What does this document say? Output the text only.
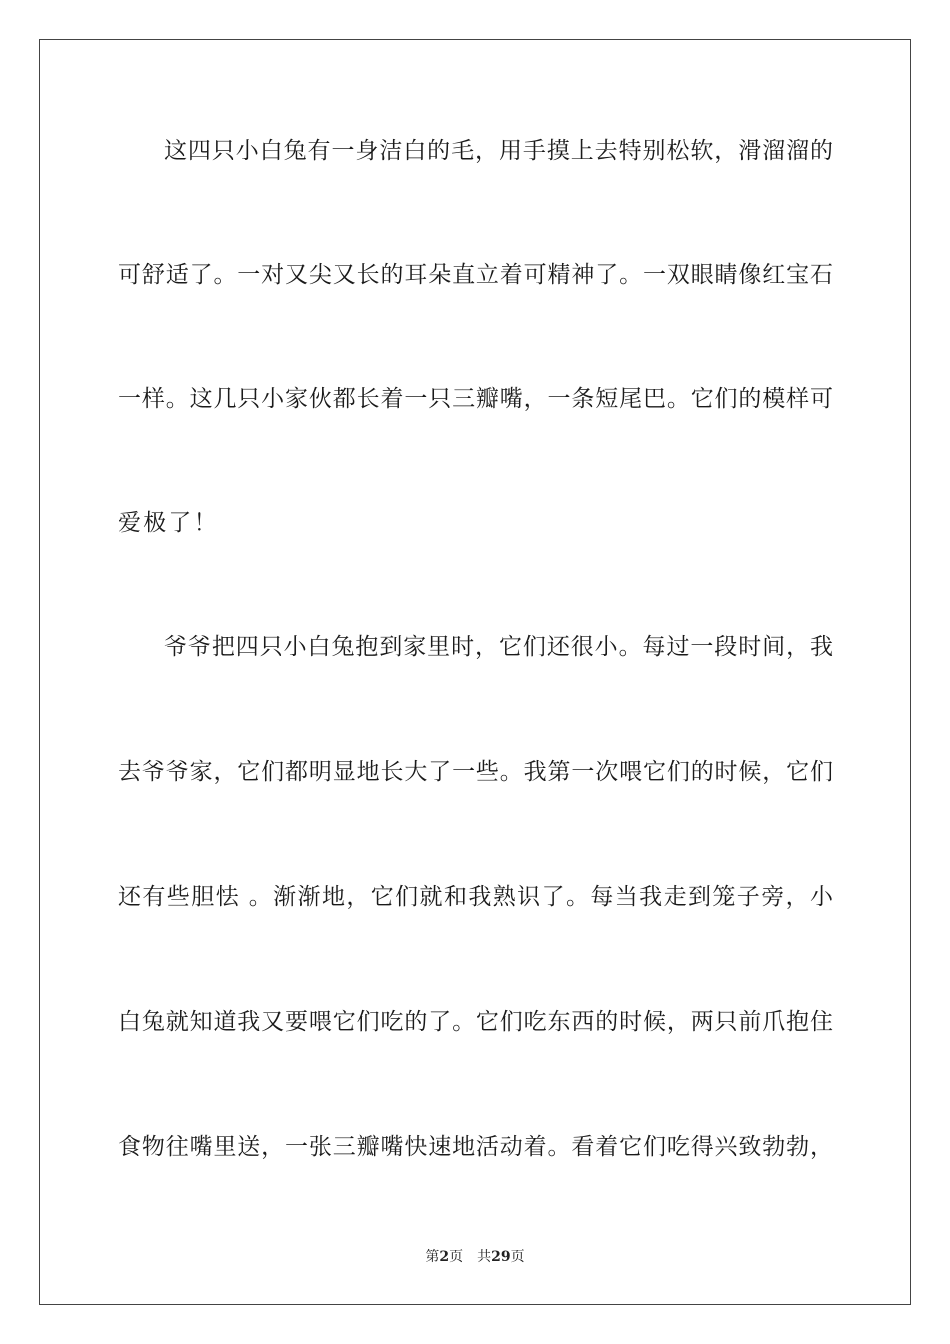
这四只小白兔有一身洁白的毛，用手摸上去特别松软，滑溜溜的
可舒适了。一对又尖又长的耳朵直立着可精神了。一双眼睛像红宝石
一样。这几只小家伙都长着一只三瓣嘴，一条短尾巴。它们的模样可
爱极了！
爷爷把四只小白兔抱到家里时，它们还很小。每过一段时间，我
去爷爷家，它们都明显地长大了一些。我第一次喂它们的时候，它们
还有些胆怯 。渐渐地，它们就和我熟识了。每当我走到笼子旁，小
白兔就知道我又要喂它们吃的了。它们吃东西的时候，两只前爪抱住
食物往嘴里送，一张三瓣嘴快速地活动着。看着它们吃得兴致勃勃，
第2页 共29页
